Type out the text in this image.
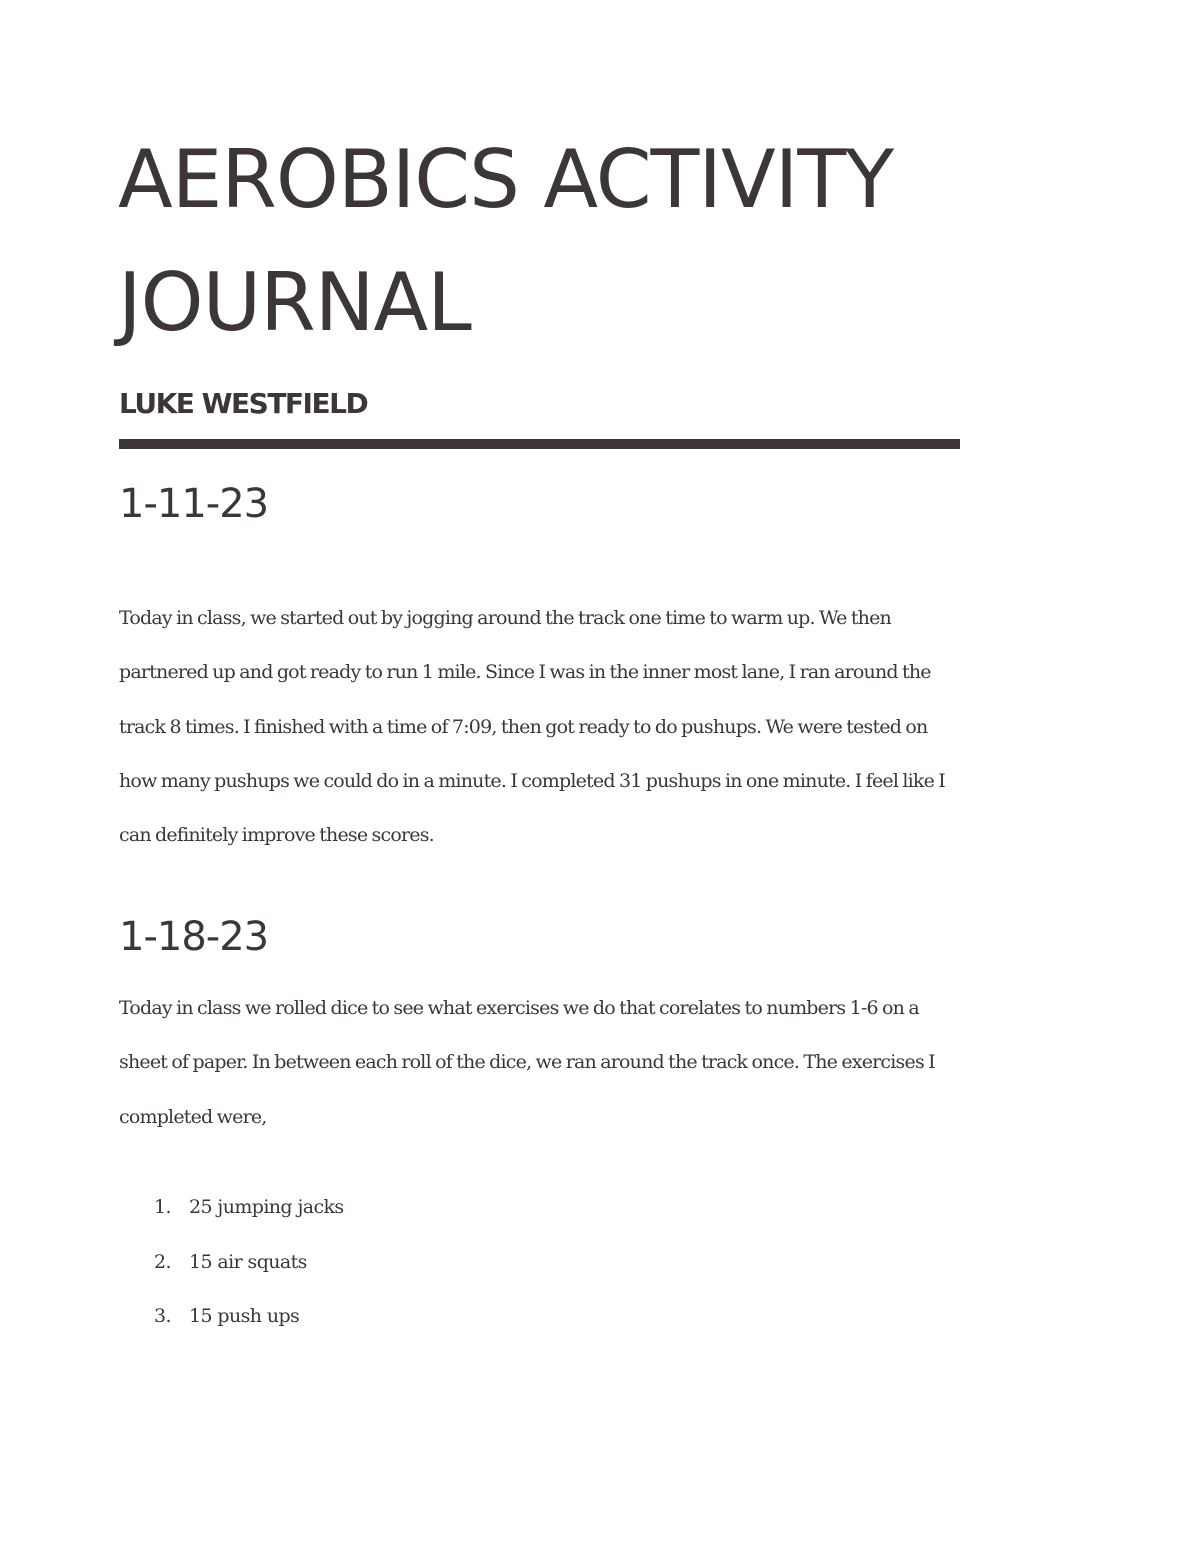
AEROBICS ACTIVITY JOURNAL
LUKE WESTFIELD
1-11-23

Today in class, we started out by jogging around the track one time to warm up. We then partnered up and got ready to run 1 mile. Since I was in the inner most lane, I ran around the track 8 times. I finished with a time of 7:09, then got ready to do pushups. We were tested on how many pushups we could do in a minute. I completed 31 pushups in one minute. I feel like I can definitely improve these scores.

1-18-23

Today in class we rolled dice to see what exercises we do that corelates to numbers 1-6 on a sheet of paper. In between each roll of the dice, we ran around the track once. The exercises I completed were,

1. 25 jumping jacks
2. 15 air squats
3. 15 push ups
